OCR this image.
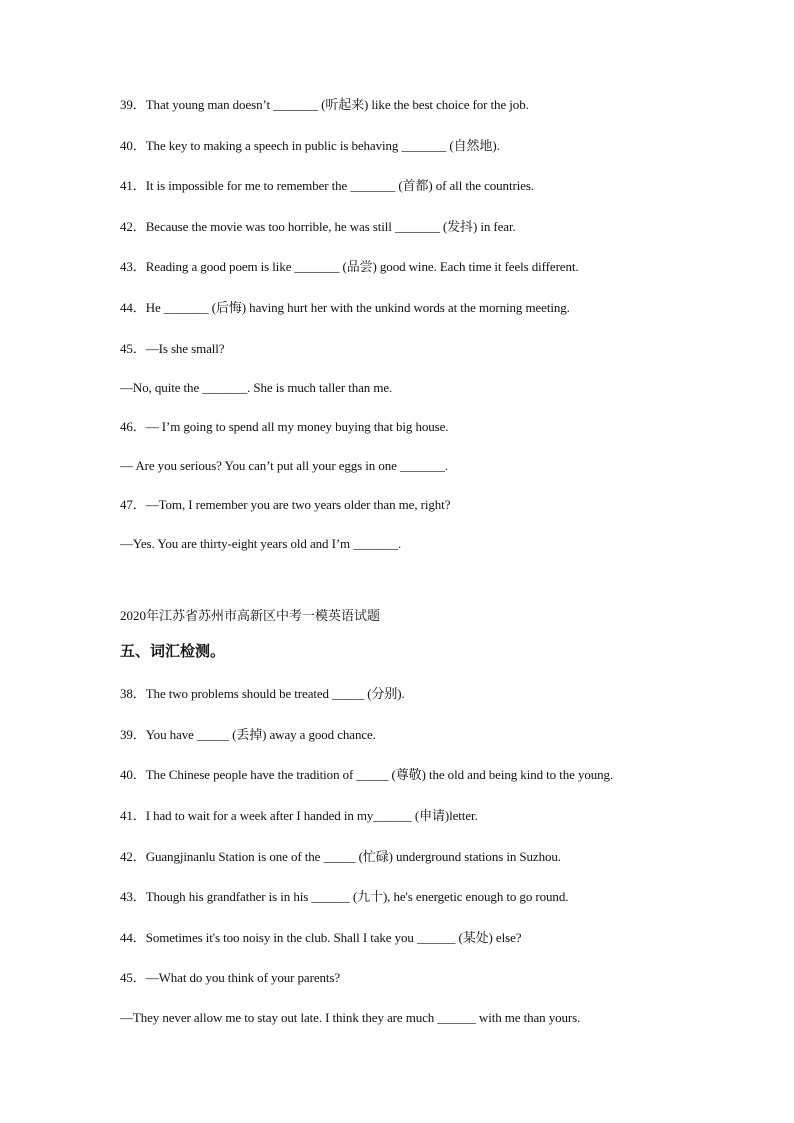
39．That young man doesn’t _______ (听起来) like the best choice for the job.
40．The key to making a speech in public is behaving _______ (自然地).
41．It is impossible for me to remember the _______ (首都) of all the countries.
42．Because the movie was too horrible, he was still _______ (发抖) in fear.
43．Reading a good poem is like _______ (品尝) good wine. Each time it feels different.
44．He _______ (后悔) having hurt her with the unkind words at the morning meeting.
45．—Is she small?
—No, quite the _______. She is much taller than me.
46．— I’m going to spend all my money buying that big house.
— Are you serious? You can’t put all your eggs in one _______.
47．—Tom, I remember you are two years older than me, right?
—Yes. You are thirty-eight years old and I’m _______.
2020年江苏省苏州市高新区中考一模英语试题
五、词汇检测。
38．The two problems should be treated _____ (分别).
39．You have _____ (丢掉) away a good chance.
40．The Chinese people have the tradition of _____ (尊敬) the old and being kind to the young.
41．I had to wait for a week after I handed in my______ (申请)letter.
42．Guangjinanlu Station is one of the _____ (忙碌) underground stations in Suzhou.
43．Though his grandfather is in his ______ (九十), he's energetic enough to go round.
44．Sometimes it's too noisy in the club. Shall I take you ______ (某处) else?
45．—What do you think of your parents?
—They never allow me to stay out late. I think they are much ______ with me than yours.
